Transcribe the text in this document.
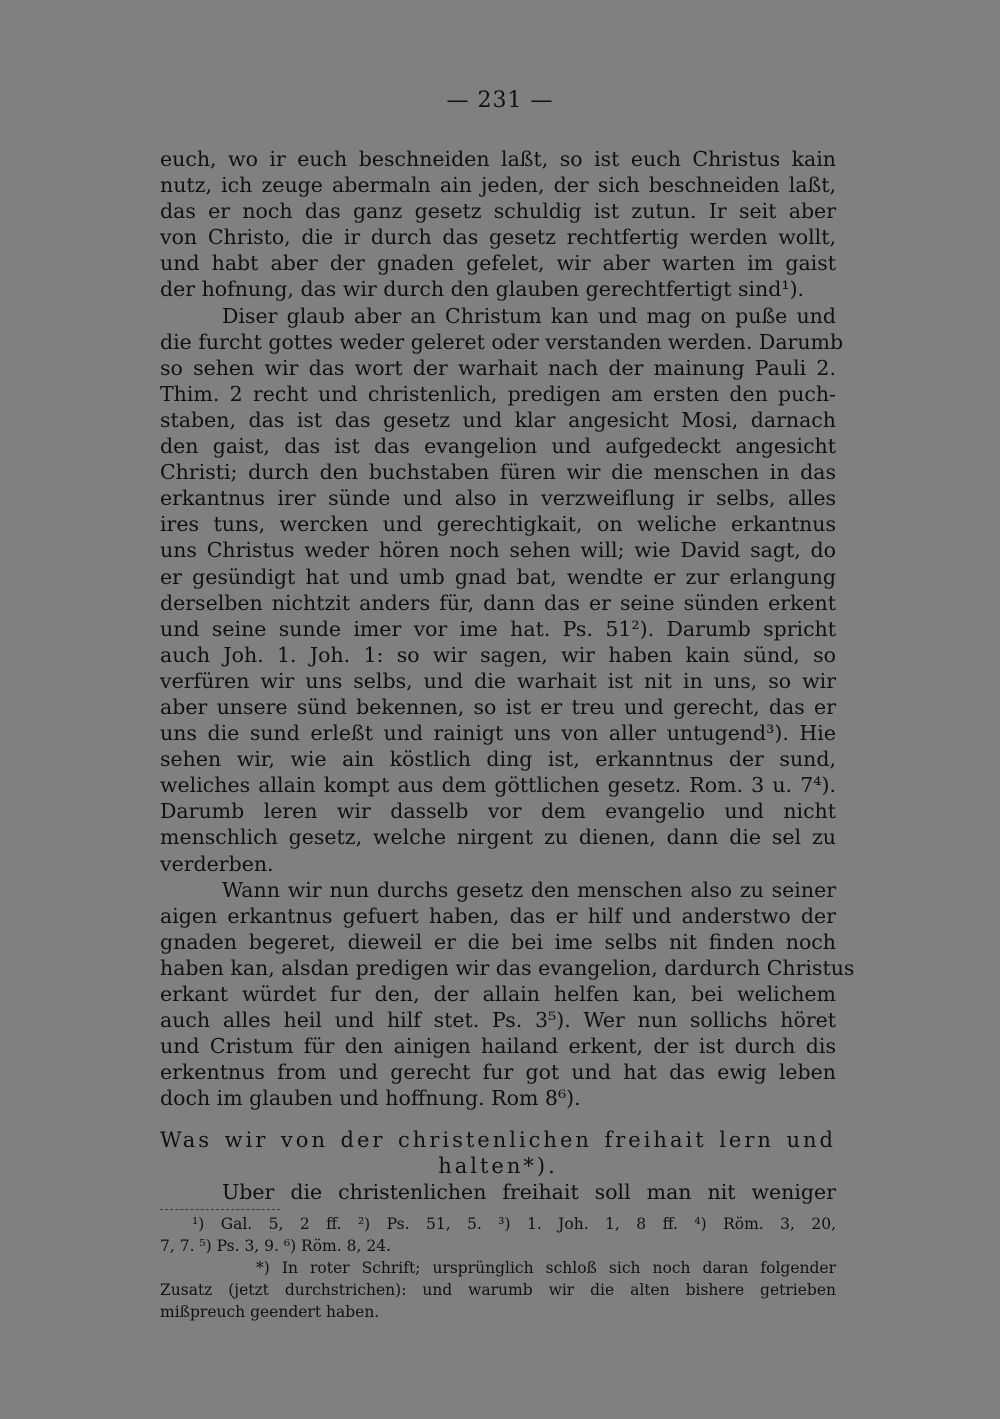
— 231 —
euch, wo ir euch beschneiden laßt, so ist euch Christus kain
nutz, ich zeuge abermaln ain jeden, der sich beschneiden laßt,
das er noch das ganz gesetz schuldig ist zutun. Ir seit aber
von Christo, die ir durch das gesetz rechtfertig werden wollt,
und habt aber der gnaden gefelet, wir aber warten im gaist
der hofnung, das wir durch den glauben gerechtfertigt sind¹).
Diser glaub aber an Christum kan und mag on puße und
die furcht gottes weder geleret oder verstanden werden. Darumb
so sehen wir das wort der warhait nach der mainung Pauli 2.
Thim. 2 recht und christenlich, predigen am ersten den puch-
staben, das ist das gesetz und klar angesicht Mosi, darnach
den gaist, das ist das evangelion und aufgedeckt angesicht
Christi; durch den buchstaben füren wir die menschen in das
erkantnus irer sünde und also in verzweiflung ir selbs, alles
ires tuns, wercken und gerechtigkait, on weliche erkantnus
uns Christus weder hören noch sehen will; wie David sagt, do
er gesündigt hat und umb gnad bat, wendte er zur erlangung
derselben nichtzit anders für, dann das er seine sünden erkent
und seine sunde imer vor ime hat. Ps. 51²). Darumb spricht
auch Joh. 1. Joh. 1: so wir sagen, wir haben kain sünd, so
verfüren wir uns selbs, und die warhait ist nit in uns, so wir
aber unsere sünd bekennen, so ist er treu und gerecht, das er
uns die sund erleßt und rainigt uns von aller untugend³). Hie
sehen wir, wie ain köstlich ding ist, erkanntnus der sund,
weliches allain kompt aus dem göttlichen gesetz. Rom. 3 u. 7⁴).
Darumb leren wir dasselb vor dem evangelio und nicht
menschlich gesetz, welche nirgent zu dienen, dann die sel zu
verderben.
Wann wir nun durchs gesetz den menschen also zu seiner
aigen erkantnus gefuert haben, das er hilf und anderstwo der
gnaden begeret, dieweil er die bei ime selbs nit finden noch
haben kan, alsdan predigen wir das evangelion, dardurch Christus
erkant würdet fur den, der allain helfen kan, bei welichem
auch alles heil und hilf stet. Ps. 3⁵). Wer nun sollichs höret
und Cristum für den ainigen hailand erkent, der ist durch dis
erkentnus from und gerecht fur got und hat das ewig leben
doch im glauben und hoffnung. Rom 8⁶).
Was wir von der christenlichen freihait lern und
halten*).
Uber die christenlichen freihait soll man nit weniger
¹) Gal. 5, 2 ff. ²) Ps. 51, 5. ³) 1. Joh. 1, 8 ff. ⁴) Röm. 3, 20,
7, 7. ⁵) Ps. 3, 9. ⁶) Röm. 8, 24.
*) In roter Schrift; ursprünglich schloß sich noch daran folgender
Zusatz (jetzt durchstrichen): und warumb wir die alten bishere getrieben
mißpreuch geendert haben.
